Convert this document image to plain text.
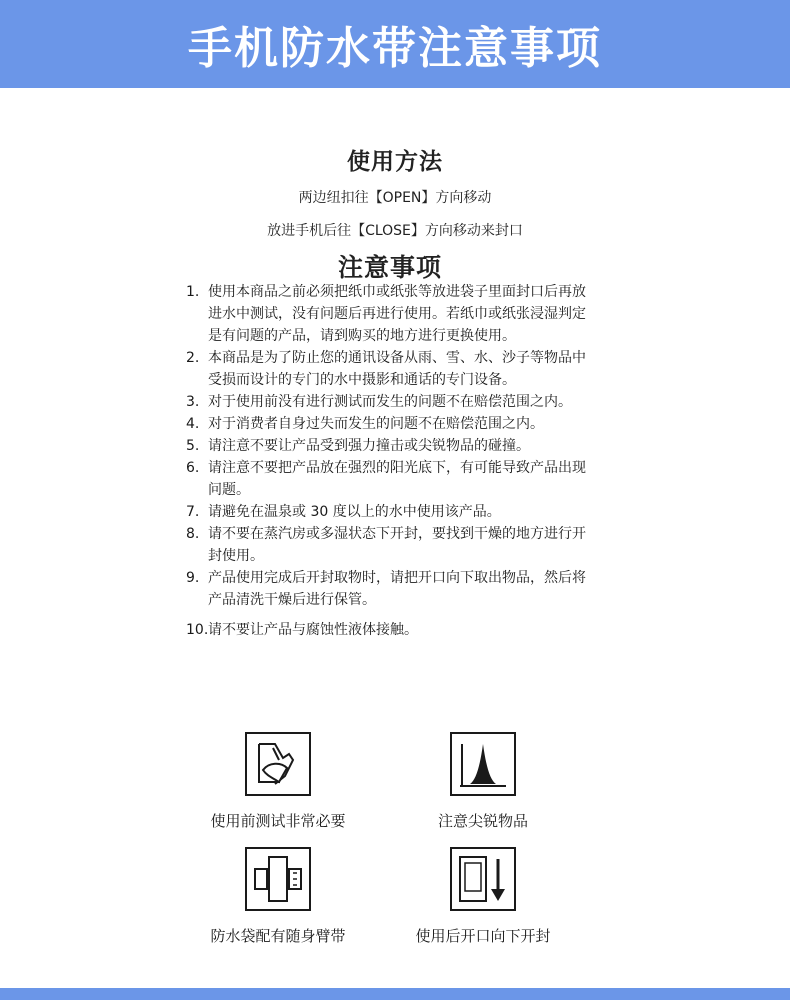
手机防水带注意事项
使用方法
两边纽扣往【OPEN】方向移动
放进手机后往【CLOSE】方向移动来封口
注意事项
1. 使用本商品之前必须把纸巾或纸张等放进袋子里面封口后再放进水中测试，没有问题后再进行使用。若纸巾或纸张浸湿判定是有问题的产品，请到购买的地方进行更换使用。
2. 本商品是为了防止您的通讯设备从雨、雪、水、沙子等物品中受损而设计的专门的水中摄影和通话的专门设备。
3. 对于使用前没有进行测试而发生的问题不在赔偿范围之内。
4. 对于消费者自身过失而发生的问题不在赔偿范围之内。
5. 请注意不要让产品受到强力撞击或尖锐物品的碰撞。
6. 请注意不要把产品放在强烈的阳光底下，有可能导致产品出现问题。
7. 请避免在温泉或 30 度以上的水中使用该产品。
8. 请不要在蒸汽房或多湿状态下开封，要找到干燥的地方进行开封使用。
9. 产品使用完成后开封取物时，请把开口向下取出物品，然后将产品清洗干燥后进行保管。
10. 请不要让产品与腐蚀性液体接触。
使用前测试非常必要	注意尖锐物品
防水袋配有随身臂带	使用后开口向下开封
